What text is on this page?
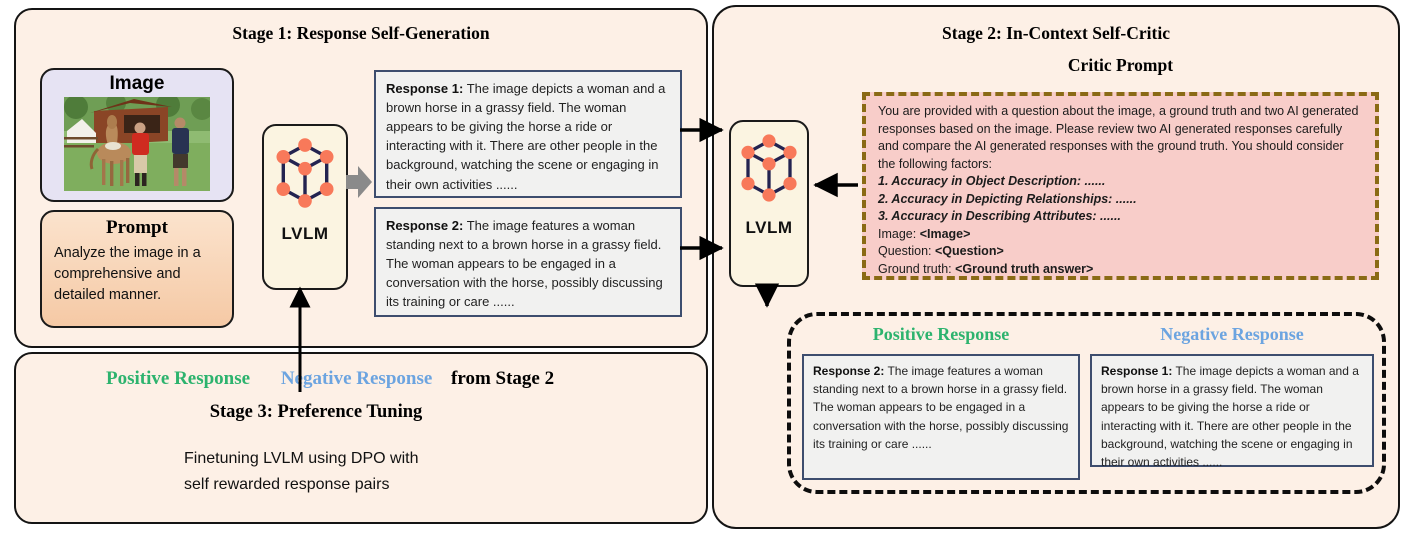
Stage 1: Response Self-Generation
Image
Prompt
Analyze the image in a comprehensive and detailed manner.
LVLM
Response 1: The image depicts a woman and a brown horse in a grassy field. The woman appears to be giving the horse a ride or interacting with it. There are other people in the background, watching the scene or engaging in their own activities ......
Response 2: The image features a woman standing next to a brown horse in a grassy field. The woman appears to be engaged in a conversation with the horse, possibly discussing its training or care ......
Positive Response Negative Response from Stage 2
Stage 3: Preference Tuning
Finetuning LVLM using DPO with
self rewarded response pairs
Stage 2: In-Context Self-Critic
Critic Prompt
You are provided with a question about the image, a ground truth and two AI generated responses based on the image. Please review two AI generated responses carefully and compare the AI generated responses with the ground truth. You should consider the following factors:
1. Accuracy in Object Description: ......
2. Accuracy in Depicting Relationships: ......
3. Accuracy in Describing Attributes: ......
Image: <Image>
Question: <Question>
Ground truth: <Ground truth answer>
LVLM
Positive Response	Negative Response
Response 2: The image features a woman standing next to a brown horse in a grassy field. The woman appears to be engaged in a conversation with the horse, possibly discussing its training or care ......
Response 1: The image depicts a woman and a brown horse in a grassy field. The woman appears to be giving the horse a ride or interacting with it. There are other people in the background, watching the scene or engaging in their own activities ......
